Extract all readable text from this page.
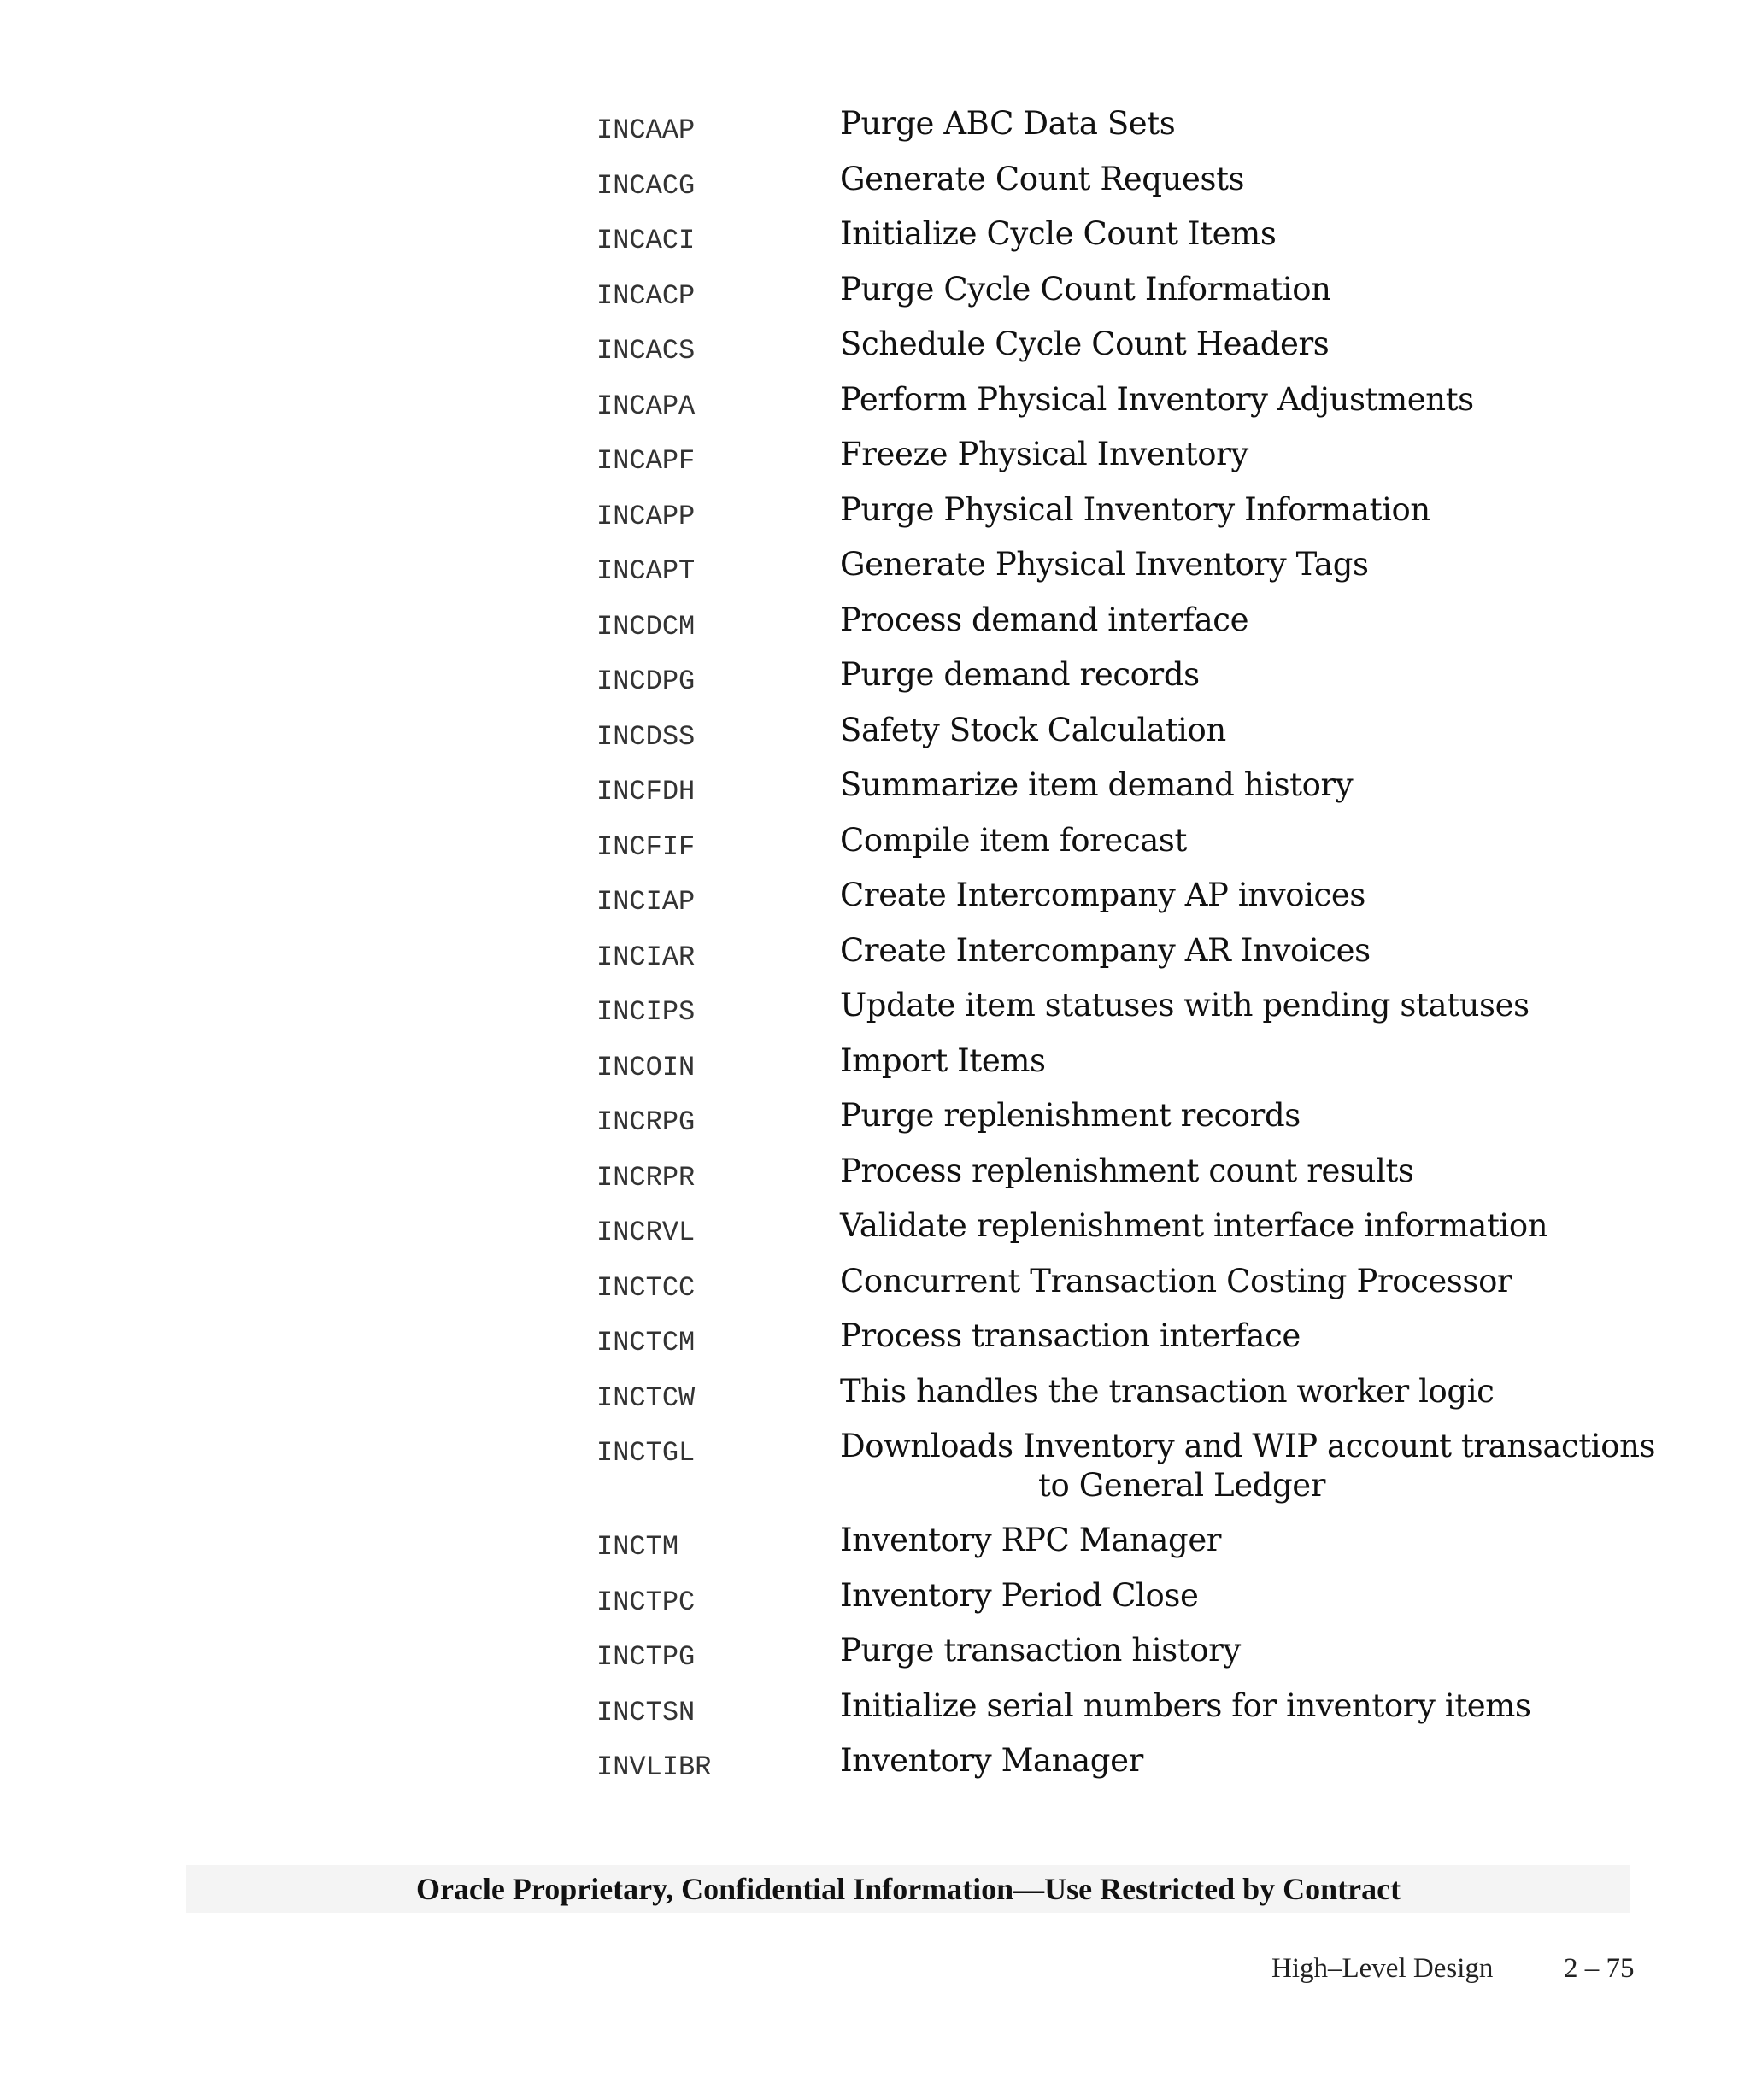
INCAAP	Purge ABC Data Sets
INCACG	Generate Count Requests
INCACI	Initialize Cycle Count Items
INCACP	Purge Cycle Count Information
INCACS	Schedule Cycle Count Headers
INCAPA	Perform Physical Inventory Adjustments
INCAPF	Freeze Physical Inventory
INCAPP	Purge Physical Inventory Information
INCAPT	Generate Physical Inventory Tags
INCDCM	Process demand interface
INCDPG	Purge demand records
INCDSS	Safety Stock Calculation
INCFDH	Summarize item demand history
INCFIF	Compile item forecast
INCIAP	Create Intercompany AP invoices
INCIAR	Create Intercompany AR Invoices
INCIPS	Update item statuses with pending statuses
INCOIN	Import Items
INCRPG	Purge replenishment records
INCRPR	Process replenishment count results
INCRVL	Validate replenishment interface information
INCTCC	Concurrent Transaction Costing Processor
INCTCM	Process transaction interface
INCTCW	This handles the transaction worker logic
INCTGL	Downloads Inventory and WIP account transactions
to General Ledger
INCTM	Inventory RPC Manager
INCTPC	Inventory Period Close
INCTPG	Purge transaction history
INCTSN	Initialize serial numbers for inventory items
INVLIBR	Inventory Manager
Oracle Proprietary, Confidential Information––Use Restricted by Contract
High–Level Design	2 – 75
